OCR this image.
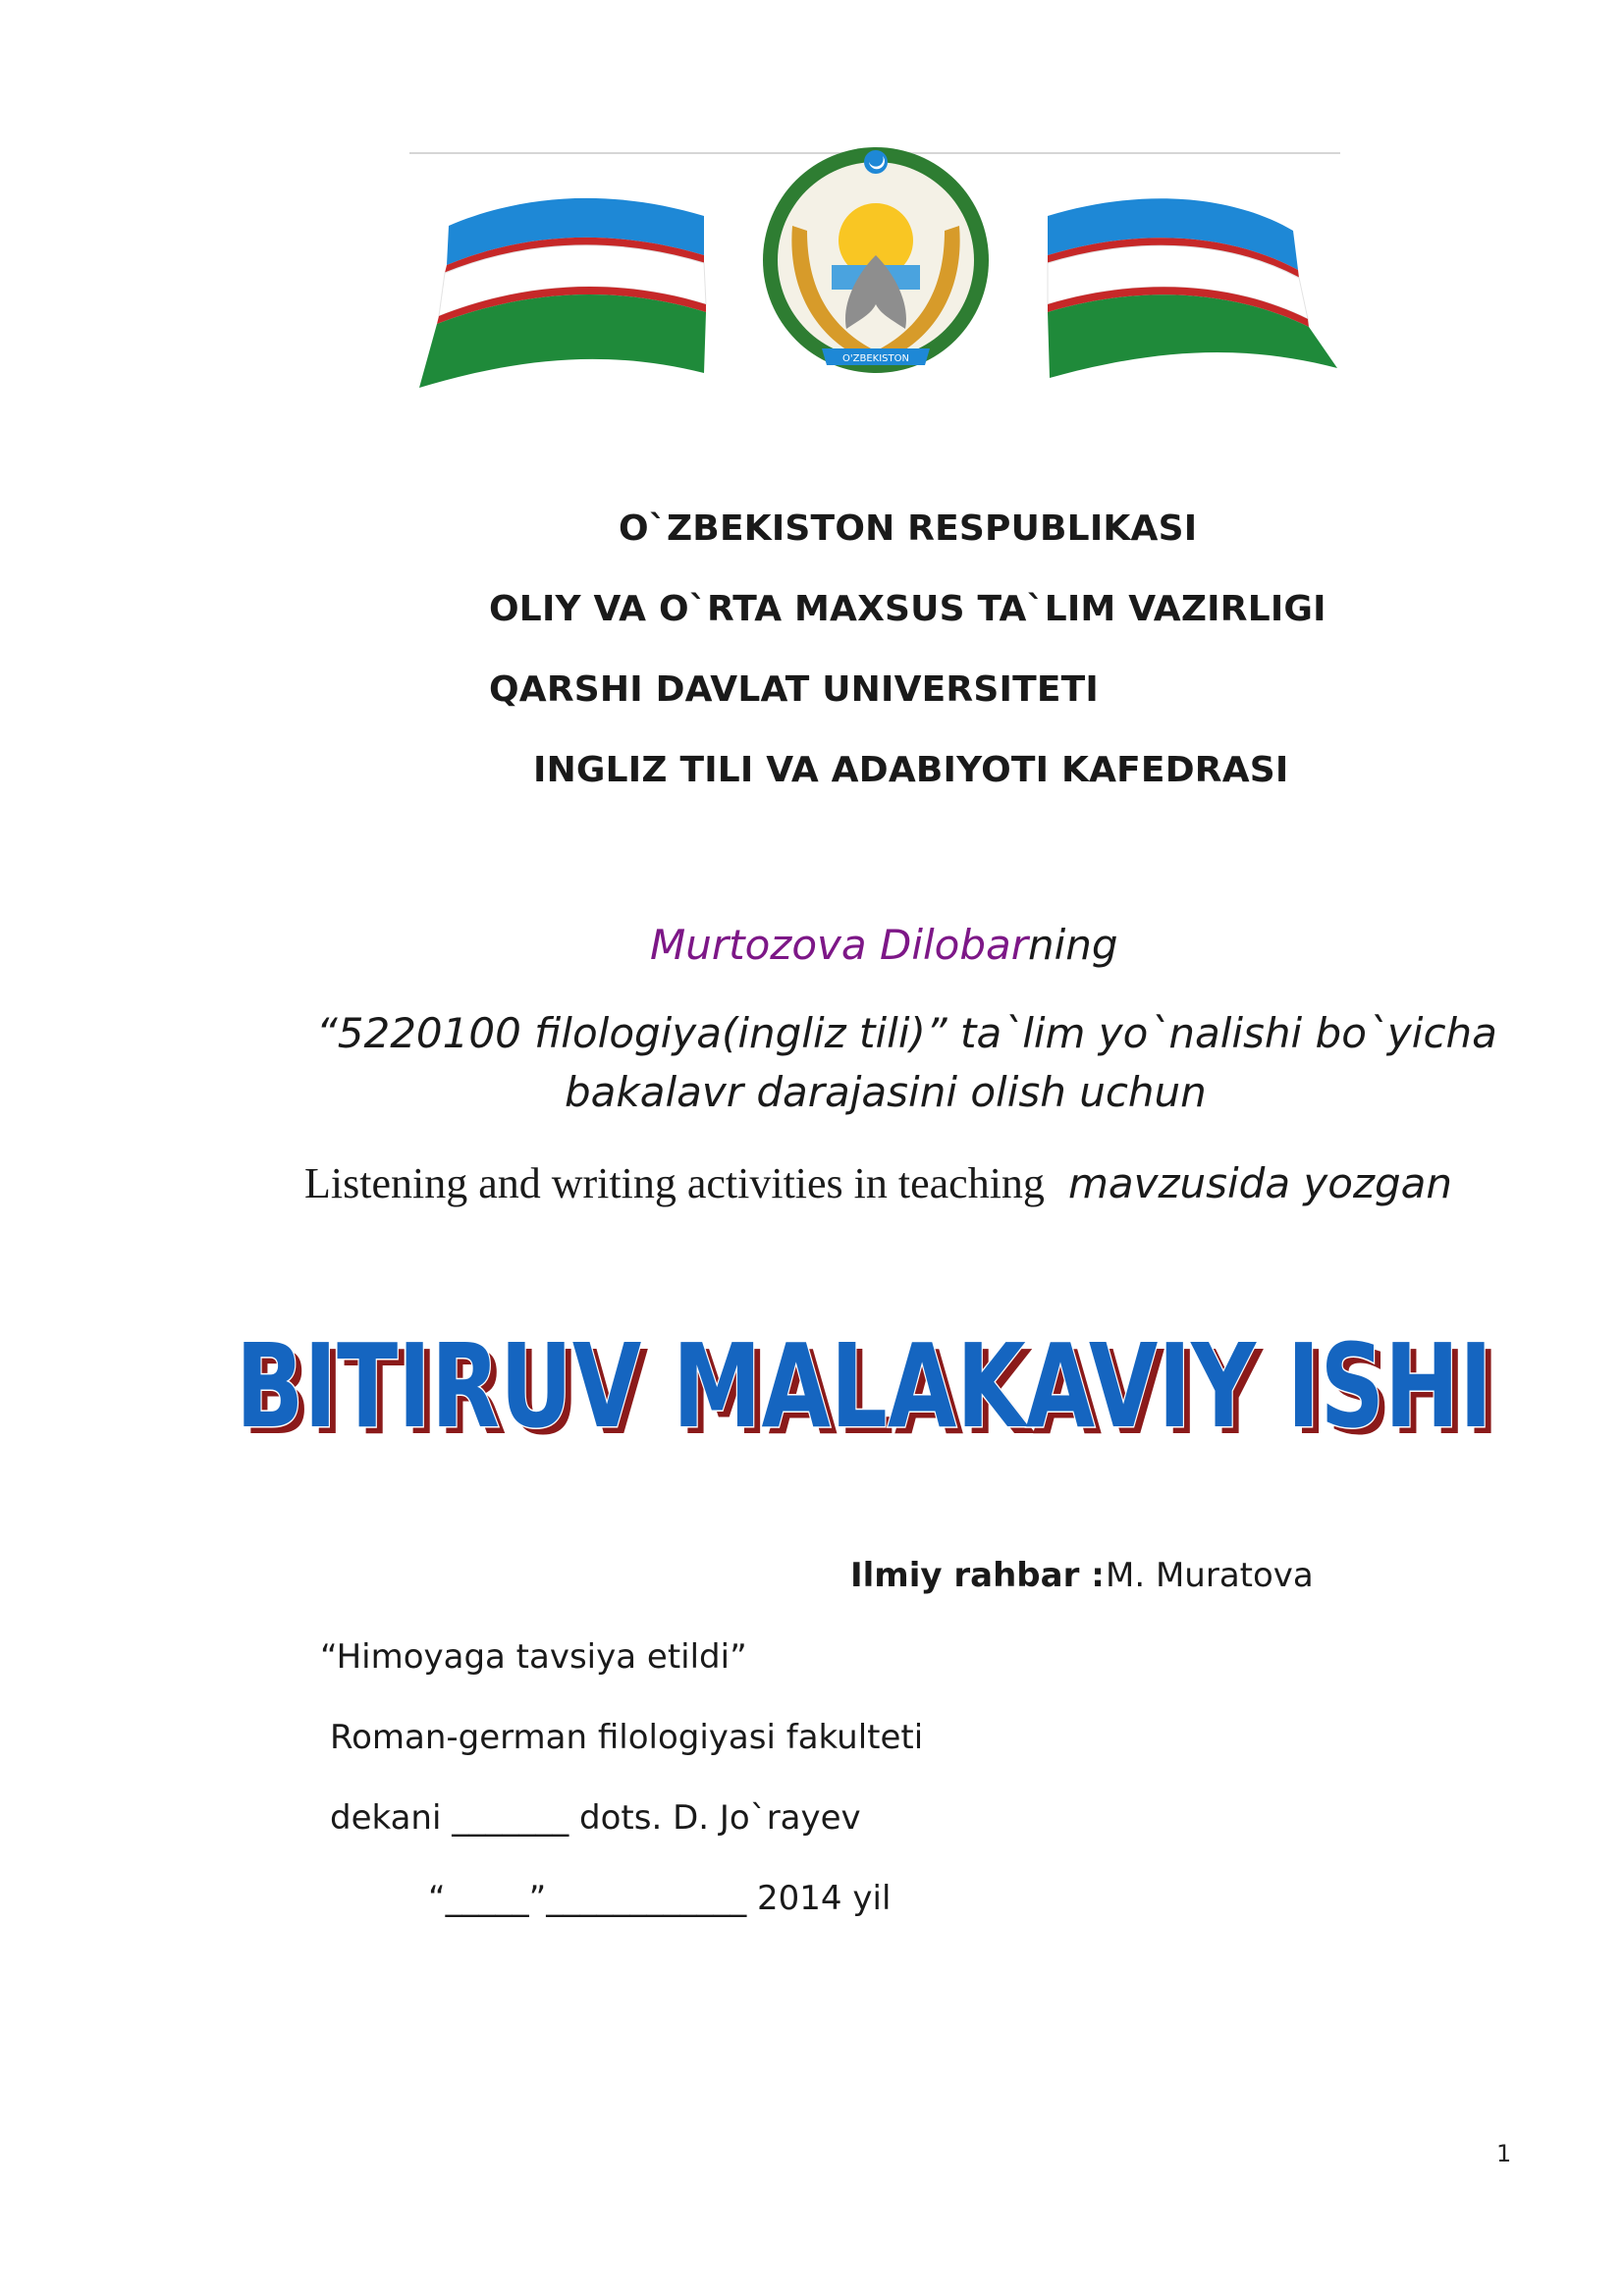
O'ZBEKISTON
O`ZBEKISTON RESPUBLIKASI
OLIY VA O`RTA MAXSUS TA`LIM VAZIRLIGI
QARSHI DAVLAT UNIVERSITETI
INGLIZ TILI VA ADABIYOTI KAFEDRASI
Murtozova Dilobarning
“5220100 filologiya(ingliz tili)” ta`lim yo`nalishi bo`yicha
bakalavr darajasini olish uchun
Listening and writing activities in teaching mavzusida yozgan
BITIRUV MALAKAVIY ISHI
BITIRUV MALAKAVIY ISHI
Ilmiy rahbar : M. Muratova
“Himoyaga tavsiya etildi”
Roman-german filologiyasi fakulteti
dekani _______ dots. D. Jo`rayev
“_____”____________ 2014 yil
1
